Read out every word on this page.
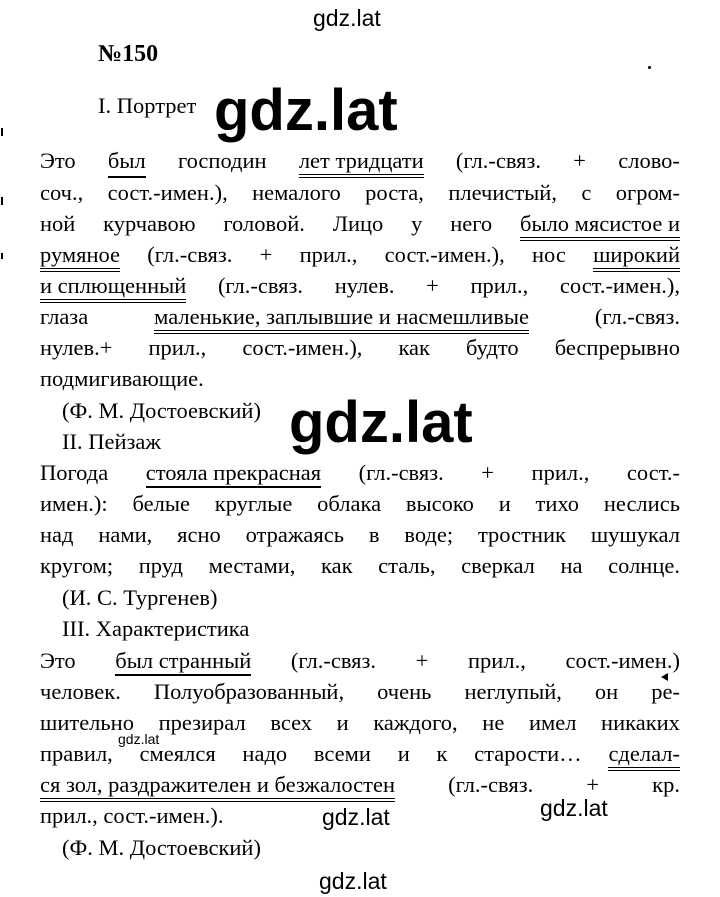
gdz.lat
gdz.lat
gdz.lat
gdz.lat
gdz.lat
gdz.lat
gdz.lat
№150
I. Портрет
Это был господин лет тридцати (гл.-связ. + слово-
соч., сост.-имен.), немалого роста, плечистый, с огром-
ной курчавою головой. Лицо у него было мясистое и
румяное (гл.-связ. + прил., сост.-имен.), нос широкий
и сплющенный (гл.-связ. нулев. + прил., сост.-имен.),
глаза	маленькие, заплывшие и насмешливые	(гл.-связ.
нулев.+ прил., сост.-имен.), как будто беспрерывно
подмигивающие.
(Ф. М. Достоевский)
II. Пейзаж
Погода стояла прекрасная (гл.-связ. + прил., сост.-
имен.): белые круглые облака высоко и тихо неслись
над нами, ясно отражаясь в воде; тростник шушукал
кругом; пруд местами, как сталь, сверкал на солнце.
(И. С. Тургенев)
III. Характеристика
Это был странный (гл.-связ. + прил., сост.-имен.)
человек. Полуобразованный, очень неглупый, он ре-
шительно презирал всех и каждого, не имел никаких
правил, смеялся надо всеми и к старости… сделал-
ся зол, раздражителен и безжалостен (гл.-связ. + кр.
прил., сост.-имен.).
(Ф. М. Достоевский)
